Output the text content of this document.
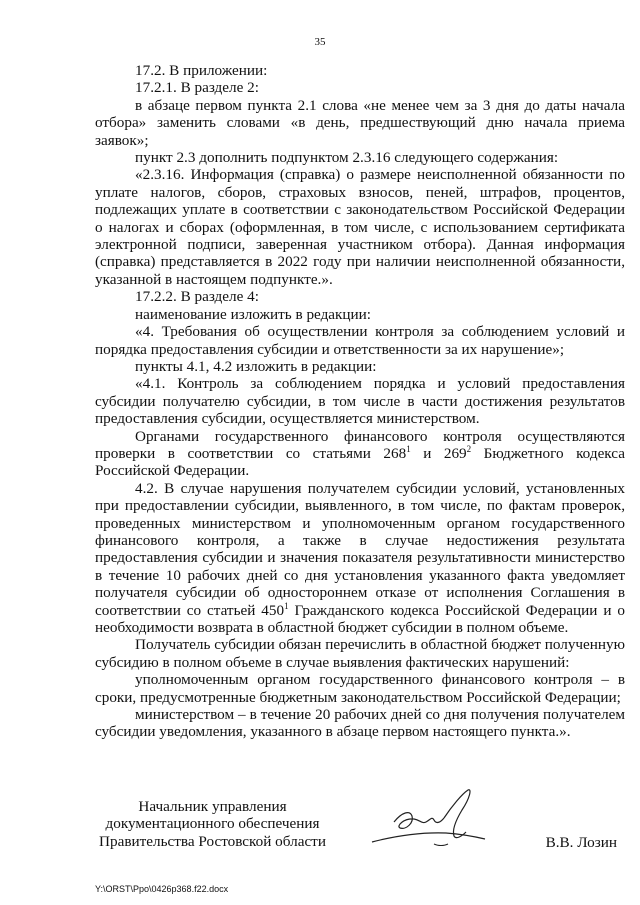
35

17.2. В приложении:

17.2.1. В разделе 2:

в абзаце первом пункта 2.1 слова «не менее чем за 3 дня до даты начала отбора» заменить словами «в день, предшествующий дню начала приема заявок»;

пункт 2.3 дополнить подпунктом 2.3.16 следующего содержания:

«2.3.16. Информация (справка) о размере неисполненной обязанности по уплате налогов, сборов, страховых взносов, пеней, штрафов, процентов, подлежащих уплате в соответствии с законодательством Российской Федерации о налогах и сборах (оформленная, в том числе, с использованием сертификата электронной подписи, заверенная участником отбора). Данная информация (справка) представляется в 2022 году при наличии неисполненной обязанности, указанной в настоящем подпункте.».

17.2.2. В разделе 4:

наименование изложить в редакции:

«4. Требования об осуществлении контроля за соблюдением условий и порядка предоставления субсидии и ответственности за их нарушение»;

пункты 4.1, 4.2 изложить в редакции:

«4.1. Контроль за соблюдением порядка и условий предоставления субсидии получателю субсидии, в том числе в части достижения результатов предоставления субсидии, осуществляется министерством.

Органами государственного финансового контроля осуществляются проверки в соответствии со статьями $268^1$ и $269^2$ Бюджетного кодекса Российской Федерации.

4.2. В случае нарушения получателем субсидии условий, установленных при предоставлении субсидии, выявленного, в том числе, по фактам проверок, проведенных министерством и уполномоченным органом государственного финансового контроля, а также в случае недостижения результата предоставления субсидии и значения показателя результативности министерство в течение 10 рабочих дней со дня установления указанного факта уведомляет получателя субсидии об одностороннем отказе от исполнения Соглашения в соответствии со статьей $450^1$ Гражданского кодекса Российской Федерации и о необходимости возврата в областной бюджет субсидии в полном объеме.

Получатель субсидии обязан перечислить в областной бюджет полученную субсидию в полном объеме в случае выявления фактических нарушений:

уполномоченным органом государственного финансового контроля – в сроки, предусмотренные бюджетным законодательством Российской Федерации;

министерством – в течение 20 рабочих дней со дня получения получателем субсидии уведомления, указанного в абзаце первом настоящего пункта.».

Начальник управления
документационного обеспечения
Правительства Ростовской области	В.В. Лозин
Y:\ORST\Ppo\0426p368.f22.docx
